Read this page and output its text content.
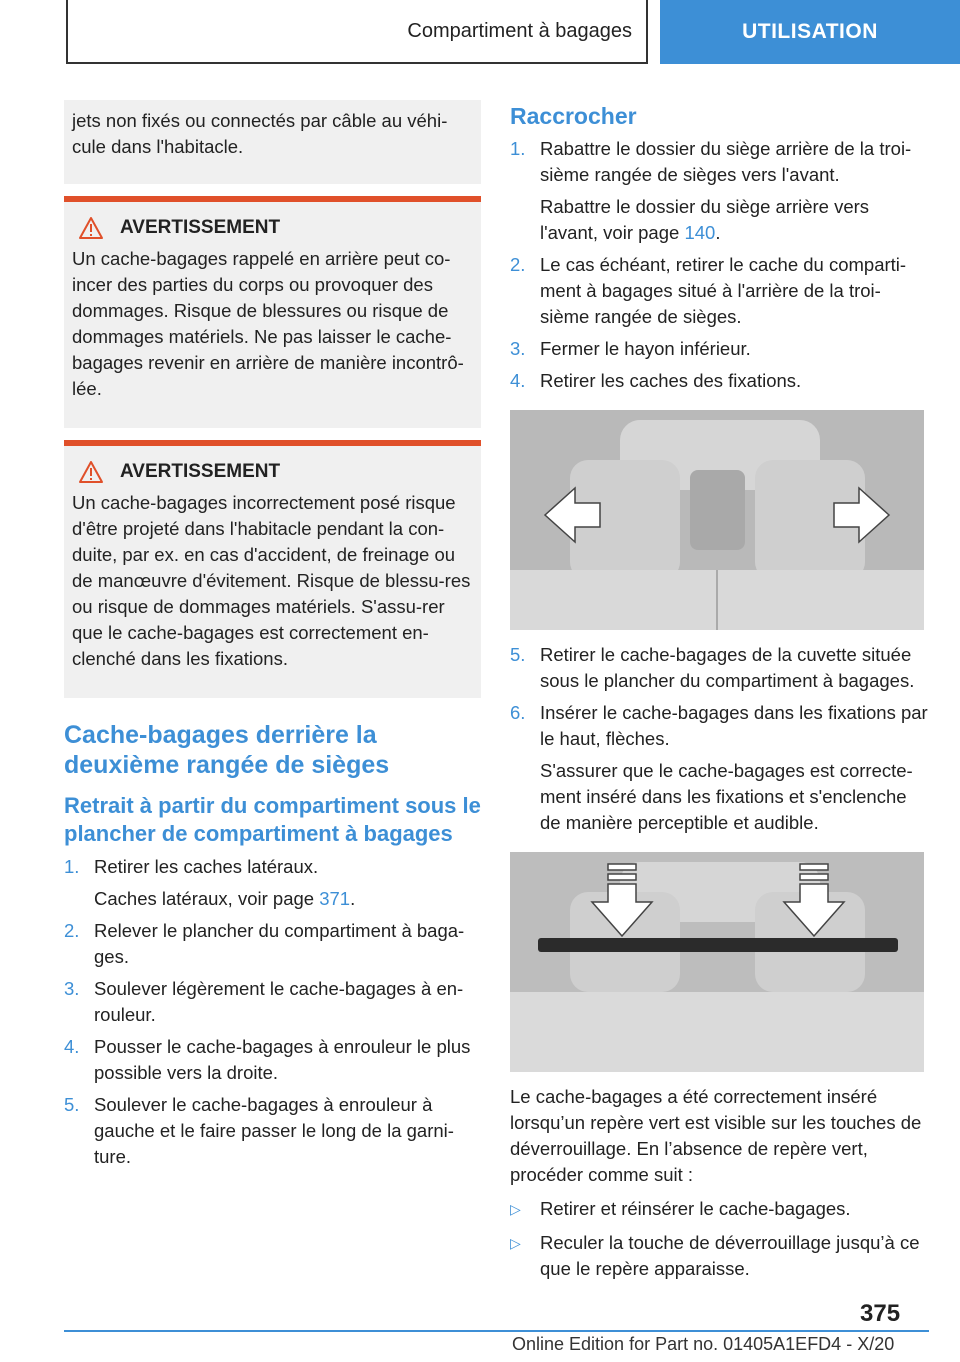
Compartiment à bagages	UTILISATION
jets non fixés ou connectés par câble au véhi-cule dans l'habitacle.
AVERTISSEMENT
Un cache-bagages rappelé en arrière peut co-incer des parties du corps ou provoquer des dommages. Risque de blessures ou risque de dommages matériels. Ne pas laisser le cache-bagages revenir en arrière de manière incontrô-lée.
AVERTISSEMENT
Un cache-bagages incorrectement posé risque d'être projeté dans l'habitacle pendant la con-duite, par ex. en cas d'accident, de freinage ou de manœuvre d'évitement. Risque de blessu-res ou risque de dommages matériels. S'assu-rer que le cache-bagages est correctement en-clenché dans les fixations.
Cache-bagages derrière la deuxième rangée de sièges
Retrait à partir du compartiment sous le plancher de compartiment à bagages
1. Retirer les caches latéraux.
Caches latéraux, voir page 371.
2. Relever le plancher du compartiment à baga-ges.
3. Soulever légèrement le cache-bagages à en-rouleur.
4. Pousser le cache-bagages à enrouleur le plus possible vers la droite.
5. Soulever le cache-bagages à enrouleur à gauche et le faire passer le long de la garni-ture.
Raccrocher
1. Rabattre le dossier du siège arrière de la troi-sième rangée de sièges vers l'avant.
Rabattre le dossier du siège arrière vers l'avant, voir page 140.
2. Le cas échéant, retirer le cache du comparti-ment à bagages situé à l'arrière de la troi-sième rangée de sièges.
3. Fermer le hayon inférieur.
4. Retirer les caches des fixations.
5. Retirer le cache-bagages de la cuvette située sous le plancher du compartiment à bagages.
6. Insérer le cache-bagages dans les fixations par le haut, flèches.
S'assurer que le cache-bagages est correcte-ment inséré dans les fixations et s'enclenche de manière perceptible et audible.
Le cache-bagages a été correctement inséré lorsqu’un repère vert est visible sur les touches de déverrouillage. En l’absence de repère vert, procéder comme suit :
▷	Retirer et réinsérer le cache-bagages.
▷	Reculer la touche de déverrouillage jusqu’à ce que le repère apparaisse.
375
Online Edition for Part no. 01405A1EFD4 - X/20
